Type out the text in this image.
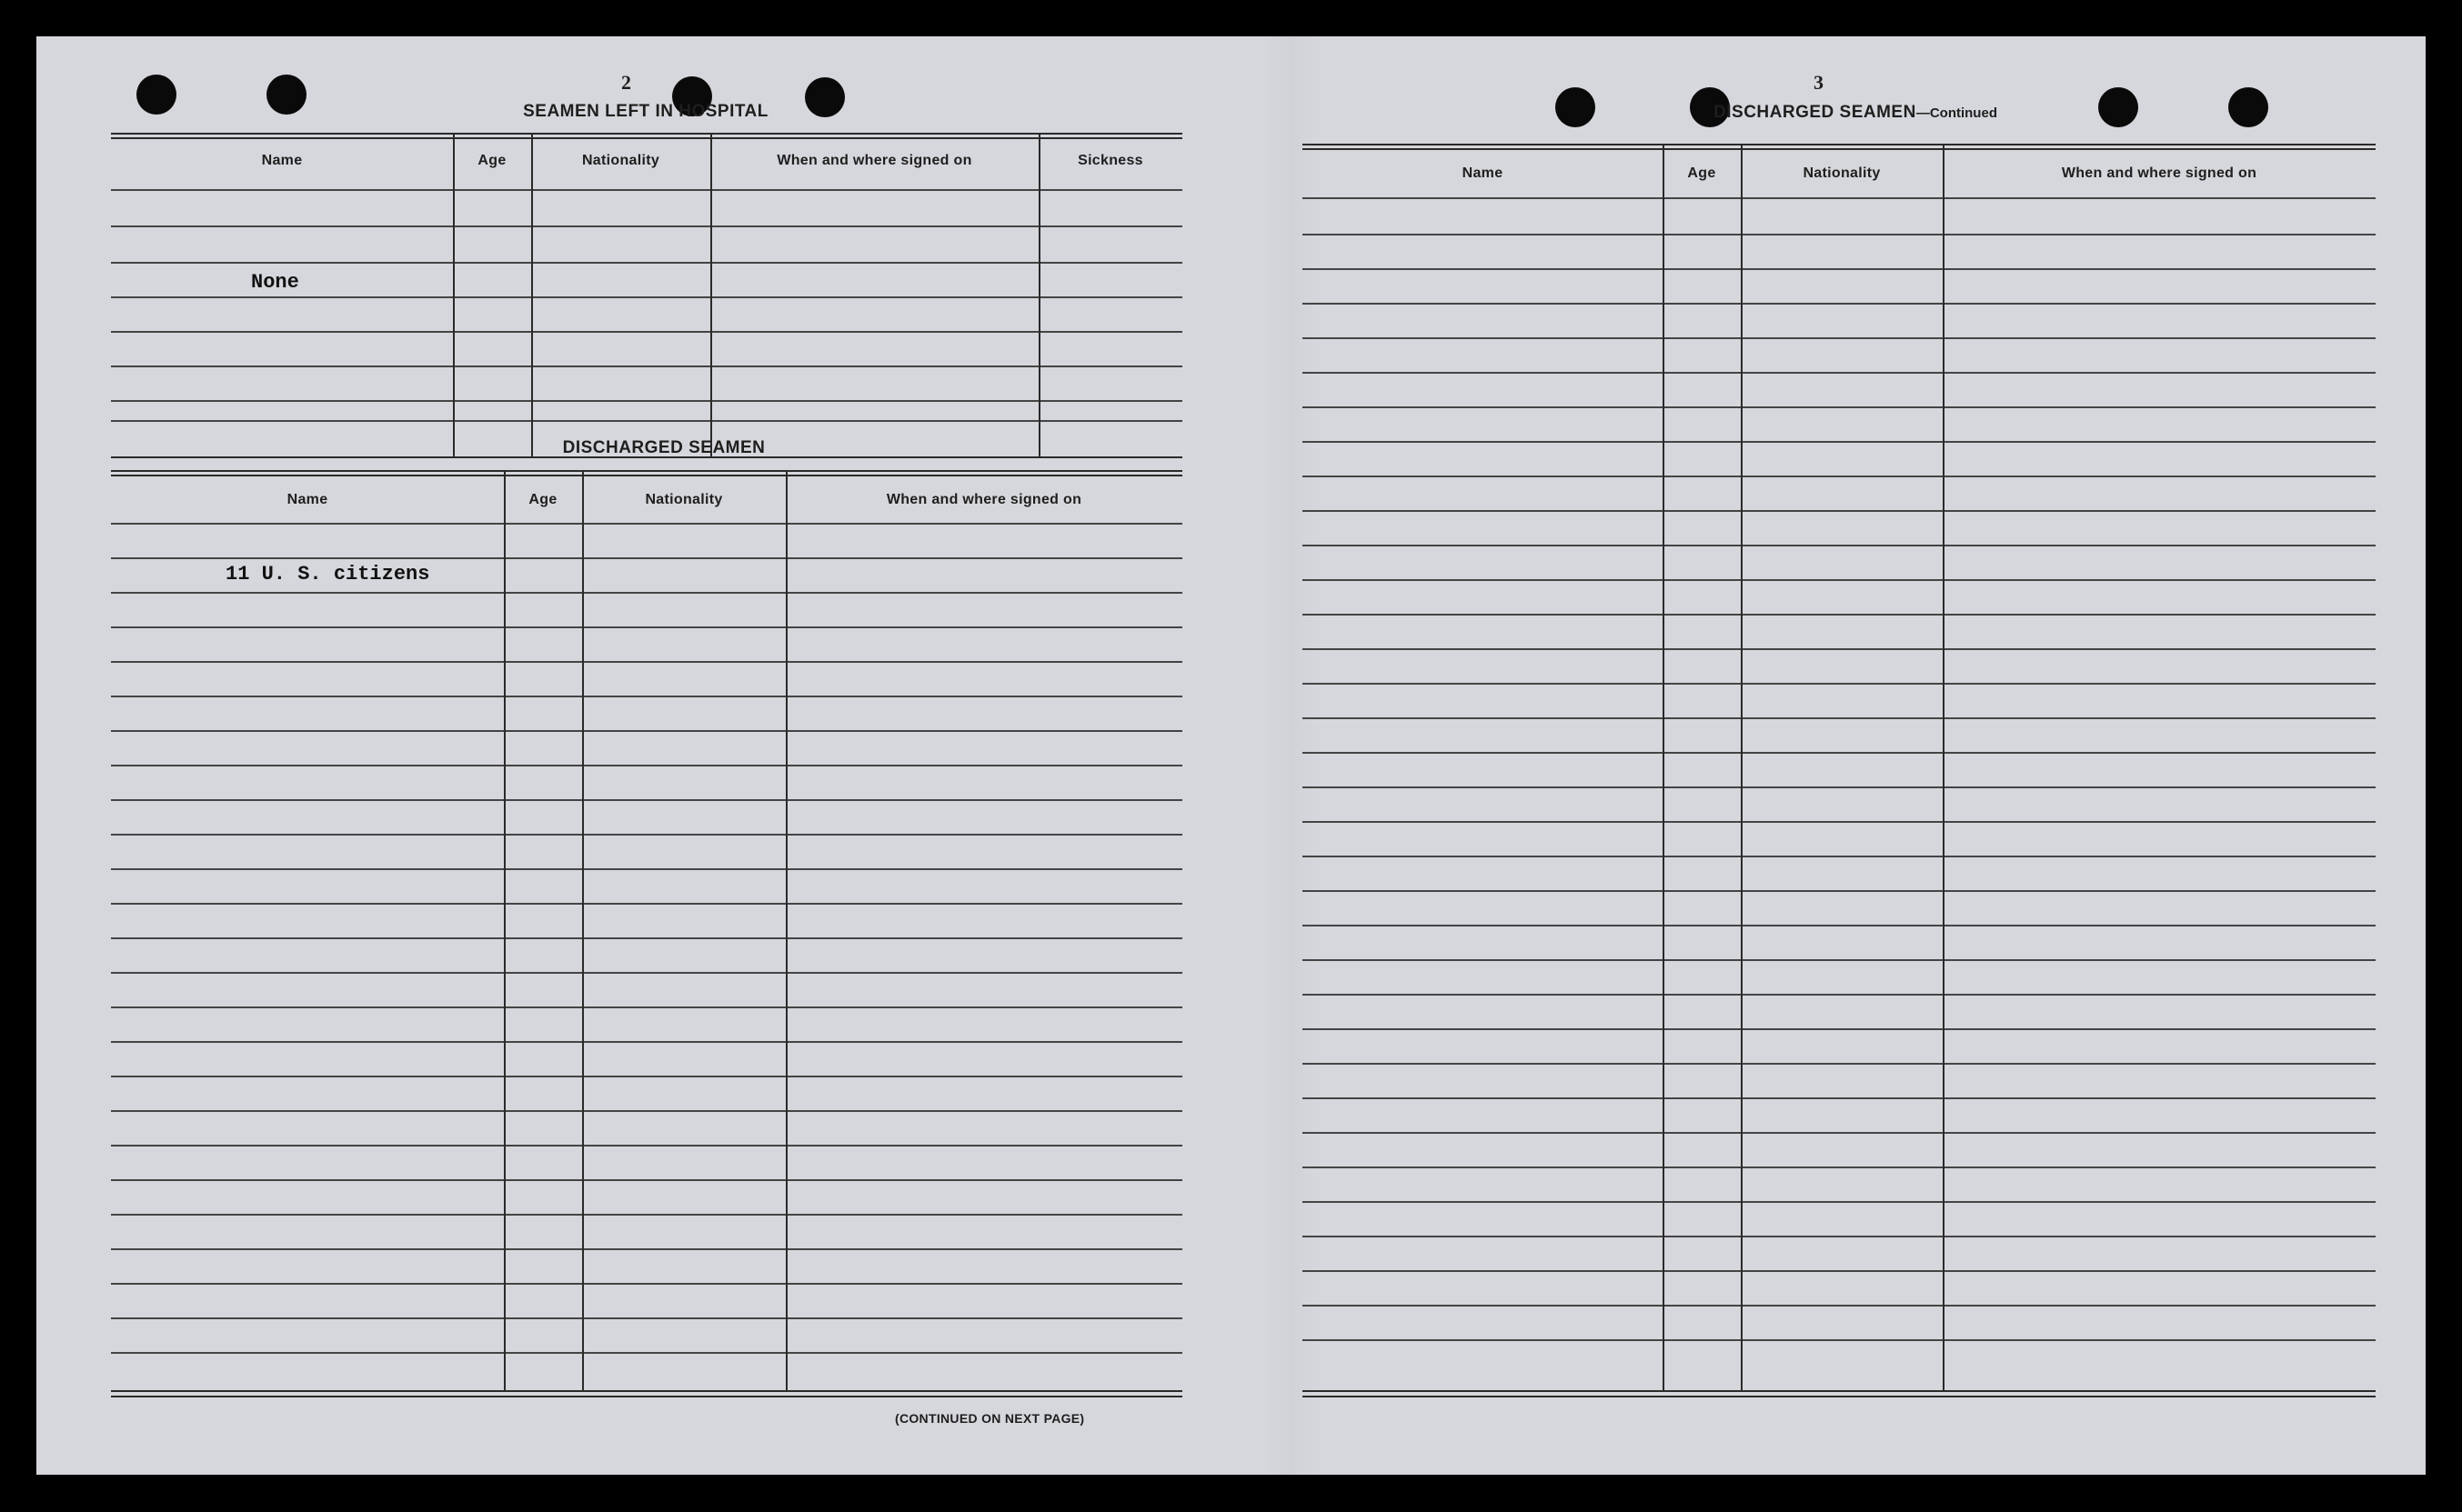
2
SEAMEN LEFT IN HOSPITAL
Name	Age	Nationality	When and where signed on	Sickness
None
DISCHARGED SEAMEN
Name	Age	Nationality	When and where signed on
11 U. S. citizens
(CONTINUED ON NEXT PAGE)
3
DISCHARGED SEAMEN—Continued
Name	Age	Nationality	When and where signed on
